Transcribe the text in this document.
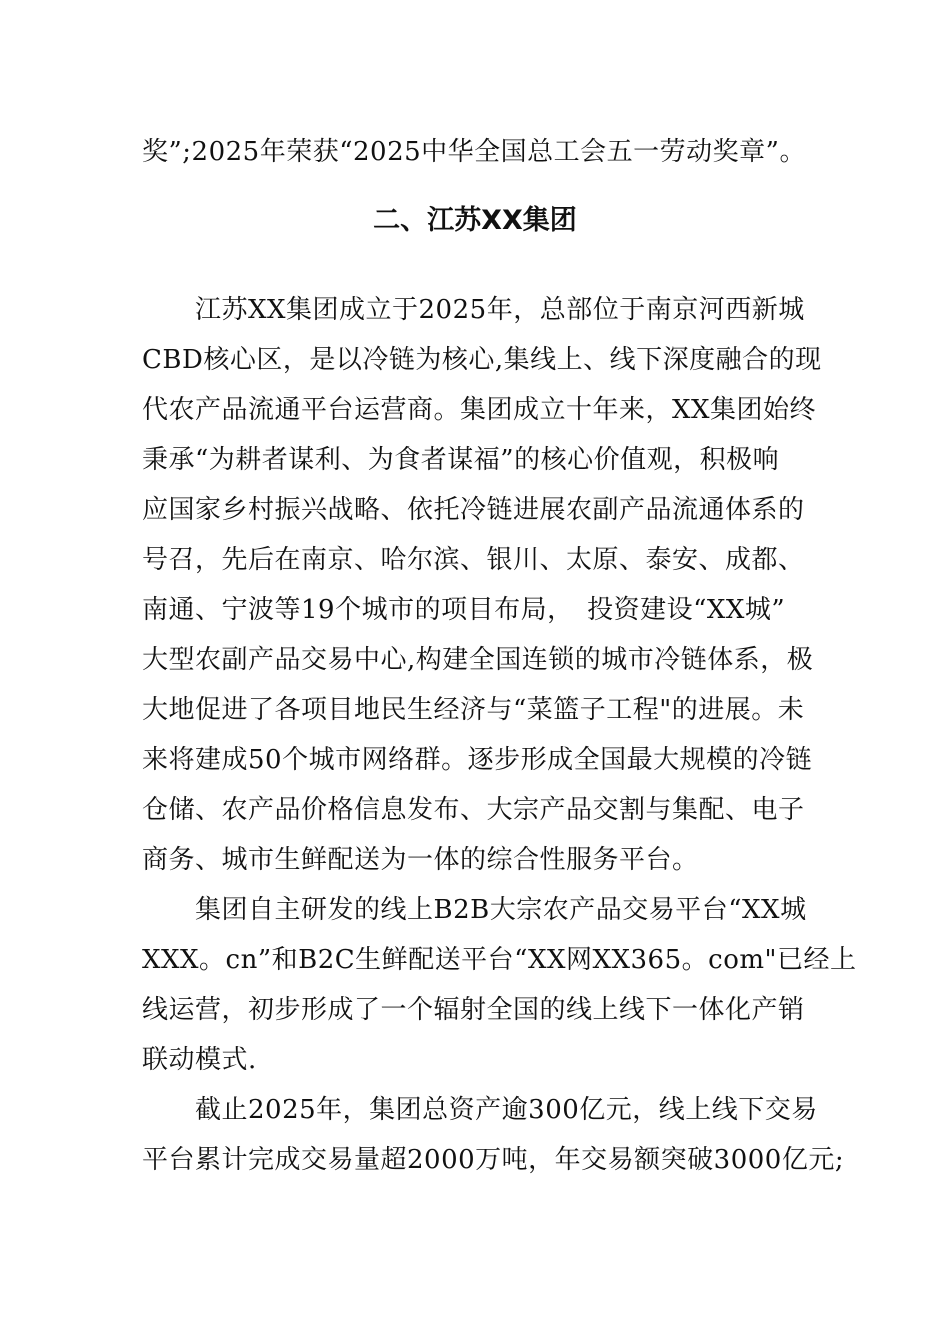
奖”;2025年荣获“2025中华全国总工会五一劳动奖章”。
二、江苏XX集团
　　江苏XX集团成立于2025年，总部位于南京河西新城
CBD核心区，是以冷链为核心,集线上、线下深度融合的现
代农产品流通平台运营商。集团成立十年来，XX集团始终
秉承“为耕者谋利、为食者谋福”的核心价值观，积极响
应国家乡村振兴战略、依托冷链进展农副产品流通体系的
号召，先后在南京、哈尔滨、银川、太原、泰安、成都、
南通、宁波等19个城市的项目布局，　投资建设“XX城”
大型农副产品交易中心,构建全国连锁的城市冷链体系，极
大地促进了各项目地民生经济与“菜篮子工程"的进展。未
来将建成50个城市网络群。逐步形成全国最大规模的冷链
仓储、农产品价格信息发布、大宗产品交割与集配、电子
商务、城市生鲜配送为一体的综合性服务平台。
　　集团自主研发的线上B2B大宗农产品交易平台“XX城
XXX。cn”和B2C生鲜配送平台“XX网XX365。com"已经上
线运营，初步形成了一个辐射全国的线上线下一体化产销
联动模式.
　　截止2025年，集团总资产逾300亿元，线上线下交易
平台累计完成交易量超2000万吨，年交易额突破3000亿元;
